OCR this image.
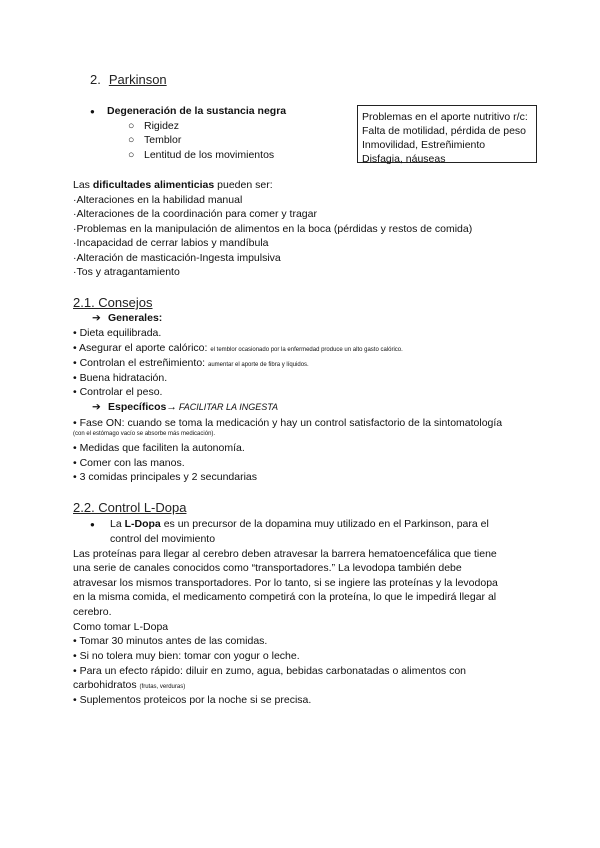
2. Parkinson
● Degeneración de la sustancia negra
○ Rigidez
○ Temblor
○ Lentitud de los movimientos
Problemas en el aporte nutritivo r/c:
Falta de motilidad, pérdida de peso
Inmovilidad, Estreñimiento
Disfagia, náuseas
Las dificultades alimenticias pueden ser:
·Alteraciones en la habilidad manual
·Alteraciones de la coordinación para comer y tragar
·Problemas en la manipulación de alimentos en la boca (pérdidas y restos de comida)
·Incapacidad de cerrar labios y mandíbula
·Alteración de masticación-Ingesta impulsiva
·Tos y atragantamiento
2.1. Consejos
➔ Generales:
• Dieta equilibrada.
• Asegurar el aporte calórico: el temblor ocasionado por la enfermedad produce un alto gasto calórico.
• Controlan el estreñimiento: aumentar el aporte de fibra y líquidos.
• Buena hidratación.
• Controlar el peso.
➔ Específicos→ FACILITAR LA INGESTA
• Fase ON: cuando se toma la medicación y hay un control satisfactorio de la sintomatología
(con el estómago vacío se absorbe más medicación).
• Medidas que faciliten la autonomía.
• Comer con las manos.
• 3 comidas principales y 2 secundarias
2.2. Control L-Dopa
● La L-Dopa es un precursor de la dopamina muy utilizado en el Parkinson, para el
control del movimiento
Las proteínas para llegar al cerebro deben atravesar la barrera hematoencefálica que tiene
una serie de canales conocidos como “transportadores.” La levodopa también debe
atravesar los mismos transportadores. Por lo tanto, si se ingiere las proteínas y la levodopa
en la misma comida, el medicamento competirá con la proteína, lo que le impedirá llegar al
cerebro.
Como tomar L-Dopa
• Tomar 30 minutos antes de las comidas.
• Si no tolera muy bien: tomar con yogur o leche.
• Para un efecto rápido: diluir en zumo, agua, bebidas carbonatadas o alimentos con
carbohidratos (frutas, verduras)
• Suplementos proteicos por la noche si se precisa.
